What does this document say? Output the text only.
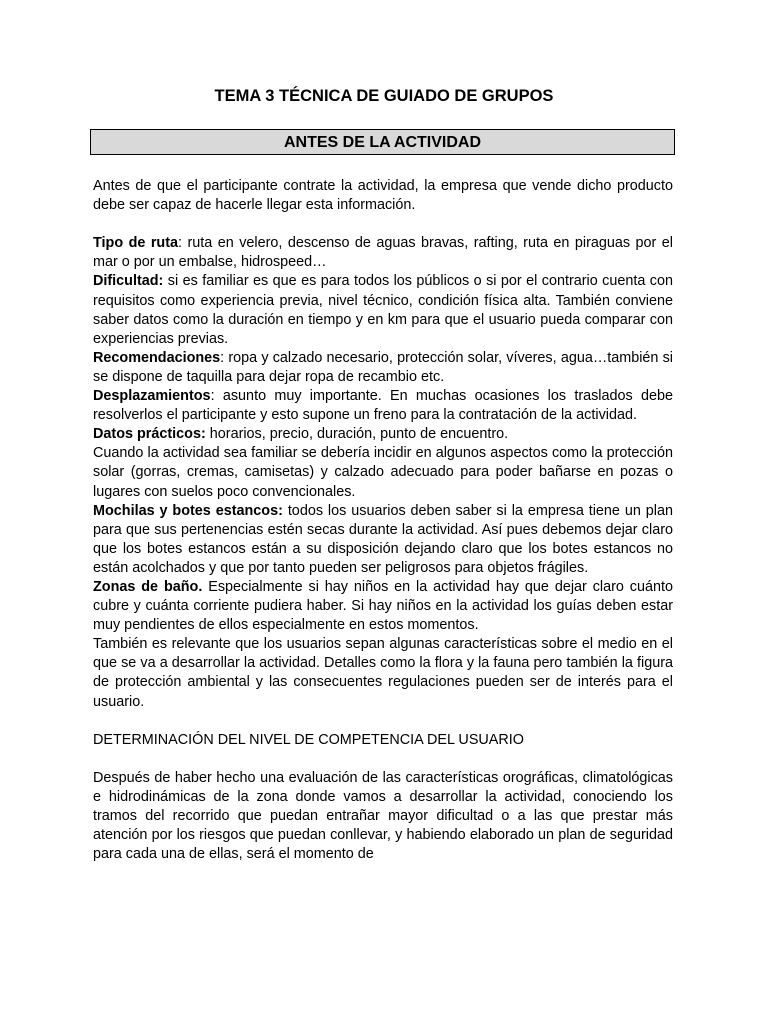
TEMA 3 TÉCNICA DE GUIADO DE GRUPOS
ANTES DE LA ACTIVIDAD

Antes de que el participante contrate la actividad, la empresa que vende dicho producto debe ser capaz de hacerle llegar esta información.

Tipo de ruta: ruta en velero, descenso de aguas bravas, rafting, ruta en piraguas por el mar o por un embalse, hidrospeed…

Dificultad: si es familiar es que es para todos los públicos o si por el contrario cuenta con requisitos como experiencia previa, nivel técnico, condición física alta. También conviene saber datos como la duración en tiempo y en km para que el usuario pueda comparar con experiencias previas.

Recomendaciones: ropa y calzado necesario, protección solar, víveres, agua…también si se dispone de taquilla para dejar ropa de recambio etc.

Desplazamientos: asunto muy importante. En muchas ocasiones los traslados debe resolverlos el participante y esto supone un freno para la contratación de la actividad.

Datos prácticos: horarios, precio, duración, punto de encuentro.

Cuando la actividad sea familiar se debería incidir en algunos aspectos como la protección solar (gorras, cremas, camisetas) y calzado adecuado para poder bañarse en pozas o lugares con suelos poco convencionales.

Mochilas y botes estancos: todos los usuarios deben saber si la empresa tiene un plan para que sus pertenencias estén secas durante la actividad. Así pues debemos dejar claro que los botes estancos están a su disposición dejando claro que los botes estancos no están acolchados y que por tanto pueden ser peligrosos para objetos frágiles.

Zonas de baño. Especialmente si hay niños en la actividad hay que dejar claro cuánto cubre y cuánta corriente pudiera haber. Si hay niños en la actividad los guías deben estar muy pendientes de ellos especialmente en estos momentos.

También es relevante que los usuarios sepan algunas características sobre el medio en el que se va a desarrollar la actividad. Detalles como la flora y la fauna pero también la figura de protección ambiental y las consecuentes regulaciones pueden ser de interés para el usuario.

DETERMINACIÓN DEL NIVEL DE COMPETENCIA DEL USUARIO

Después de haber hecho una evaluación de las características orográficas, climatológicas e hidrodinámicas de la zona donde vamos a desarrollar la actividad, conociendo los tramos del recorrido que puedan entrañar mayor dificultad o a las que prestar más atención por los riesgos que puedan conllevar, y habiendo elaborado un plan de seguridad para cada una de ellas, será el momento de
